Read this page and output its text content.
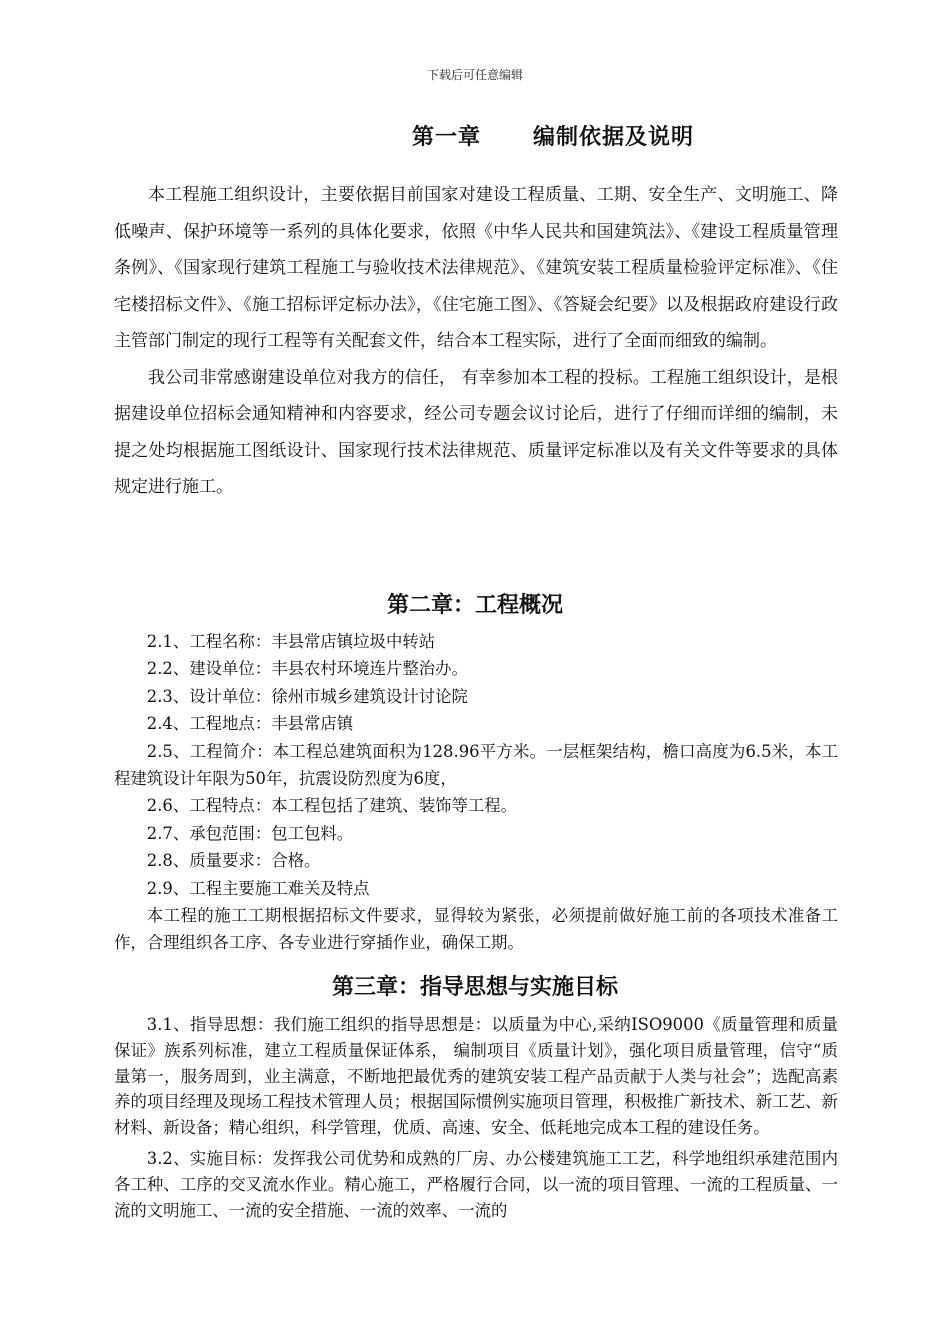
下载后可任意编辑
第一章      编制依据及说明

本工程施工组织设计，主要依据目前国家对建设工程质量、工期、安全生产、文明施工、降低噪声、保护环境等一系列的具体化要求，依照《中华人民共和国建筑法》、《建设工程质量管理条例》、《国家现行建筑工程施工与验收技术法律规范》、《建筑安装工程质量检验评定标准》、《住宅楼招标文件》、《施工招标评定标办法》，《住宅施工图》、《答疑会纪要》以及根据政府建设行政主管部门制定的现行工程等有关配套文件，结合本工程实际，进行了全面而细致的编制。

我公司非常感谢建设单位对我方的信任， 有幸参加本工程的投标。工程施工组织设计，是根据建设单位招标会通知精神和内容要求，经公司专题会议讨论后，进行了仔细而详细的编制，未提之处均根据施工图纸设计、国家现行技术法律规范、质量评定标准以及有关文件等要求的具体规定进行施工。

第二章：工程概况

2.1、工程名称：丰县常店镇垃圾中转站

2.2、建设单位：丰县农村环境连片整治办。

2.3、设计单位：徐州市城乡建筑设计讨论院

2.4、工程地点：丰县常店镇

2.5、工程简介：本工程总建筑面积为128.96平方米。一层框架结构，檐口高度为6.5米，本工程建筑设计年限为50年，抗震设防烈度为6度，

2.6、工程特点：本工程包括了建筑、装饰等工程。

2.7、承包范围：包工包料。

2.8、质量要求：合格。

2.9、工程主要施工难关及特点

本工程的施工工期根据招标文件要求，显得较为紧张，必须提前做好施工前的各项技术准备工作，合理组织各工序、各专业进行穿插作业，确保工期。

第三章：指导思想与实施目标

3.1、指导思想：我们施工组织的指导思想是：以质量为中心,采纳ISO9000《质量管理和质量保证》族系列标准，建立工程质量保证体系， 编制项目《质量计划》，强化项目质量管理，信守“质量第一，服务周到，业主满意，不断地把最优秀的建筑安装工程产品贡献于人类与社会”；选配高素养的项目经理及现场工程技术管理人员；根据国际惯例实施项目管理，积极推广新技术、新工艺、新材料、新设备；精心组织，科学管理，优质、高速、安全、低耗地完成本工程的建设任务。

3.2、实施目标：发挥我公司优势和成熟的厂房、办公楼建筑施工工艺，科学地组织承建范围内各工种、工序的交叉流水作业。精心施工，严格履行合同，以一流的项目管理、一流的工程质量、一流的文明施工、一流的安全措施、一流的效率、一流的
